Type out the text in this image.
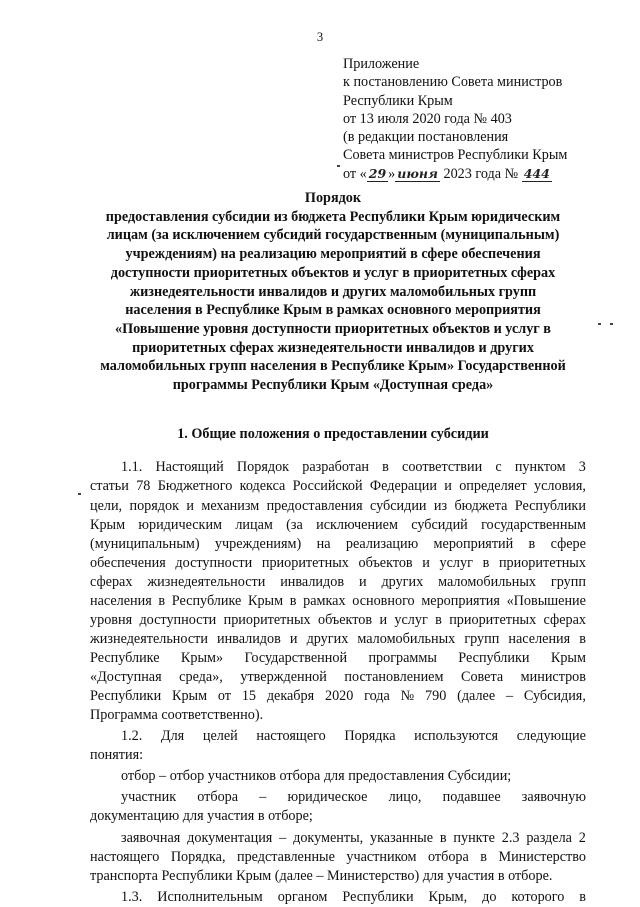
3
Приложение
к постановлению Совета министров
Республики Крым
от 13 июля 2020 года № 403
(в редакции постановления
Совета министров Республики Крым
от « 29 » июня 2023 года № 444
Порядок
предоставления субсидии из бюджета Республики Крым юридическим
лицам (за исключением субсидий государственным (муниципальным)
учреждениям) на реализацию мероприятий в сфере обеспечения
доступности приоритетных объектов и услуг в приоритетных сферах
жизнедеятельности инвалидов и других маломобильных групп
населения в Республике Крым в рамках основного мероприятия
«Повышение уровня доступности приоритетных объектов и услуг в
приоритетных сферах жизнедеятельности инвалидов и других
маломобильных групп населения в Республике Крым» Государственной
программы Республики Крым «Доступная среда»
1. Общие положения о предоставлении субсидии
1.1. Настоящий Порядок разработан в соответствии с пунктом 3
статьи 78 Бюджетного кодекса Российской Федерации и определяет условия,
цели, порядок и механизм предоставления субсидии из бюджета Республики
Крым юридическим лицам (за исключением субсидий государственным
(муниципальным) учреждениям) на реализацию мероприятий в сфере
обеспечения доступности приоритетных объектов и услуг в приоритетных
сферах жизнедеятельности инвалидов и других маломобильных групп
населения в Республике Крым в рамках основного мероприятия «Повышение
уровня доступности приоритетных объектов и услуг в приоритетных сферах
жизнедеятельности инвалидов и других маломобильных групп населения в
Республике Крым» Государственной программы Республики Крым
«Доступная среда», утвержденной постановлением Совета министров
Республики Крым от 15 декабря 2020 года № 790 (далее – Субсидия,
Программа соответственно).
1.2. Для целей настоящего Порядка используются следующие
понятия:
отбор – отбор участников отбора для предоставления Субсидии;
участник отбора – юридическое лицо, подавшее заявочную
документацию для участия в отборе;
заявочная документация – документы, указанные в пункте 2.3 раздела 2
настоящего Порядка, представленные участником отбора в Министерство
транспорта Республики Крым (далее – Министерство) для участия в отборе.
1.3. Исполнительным органом Республики Крым, до которого в
